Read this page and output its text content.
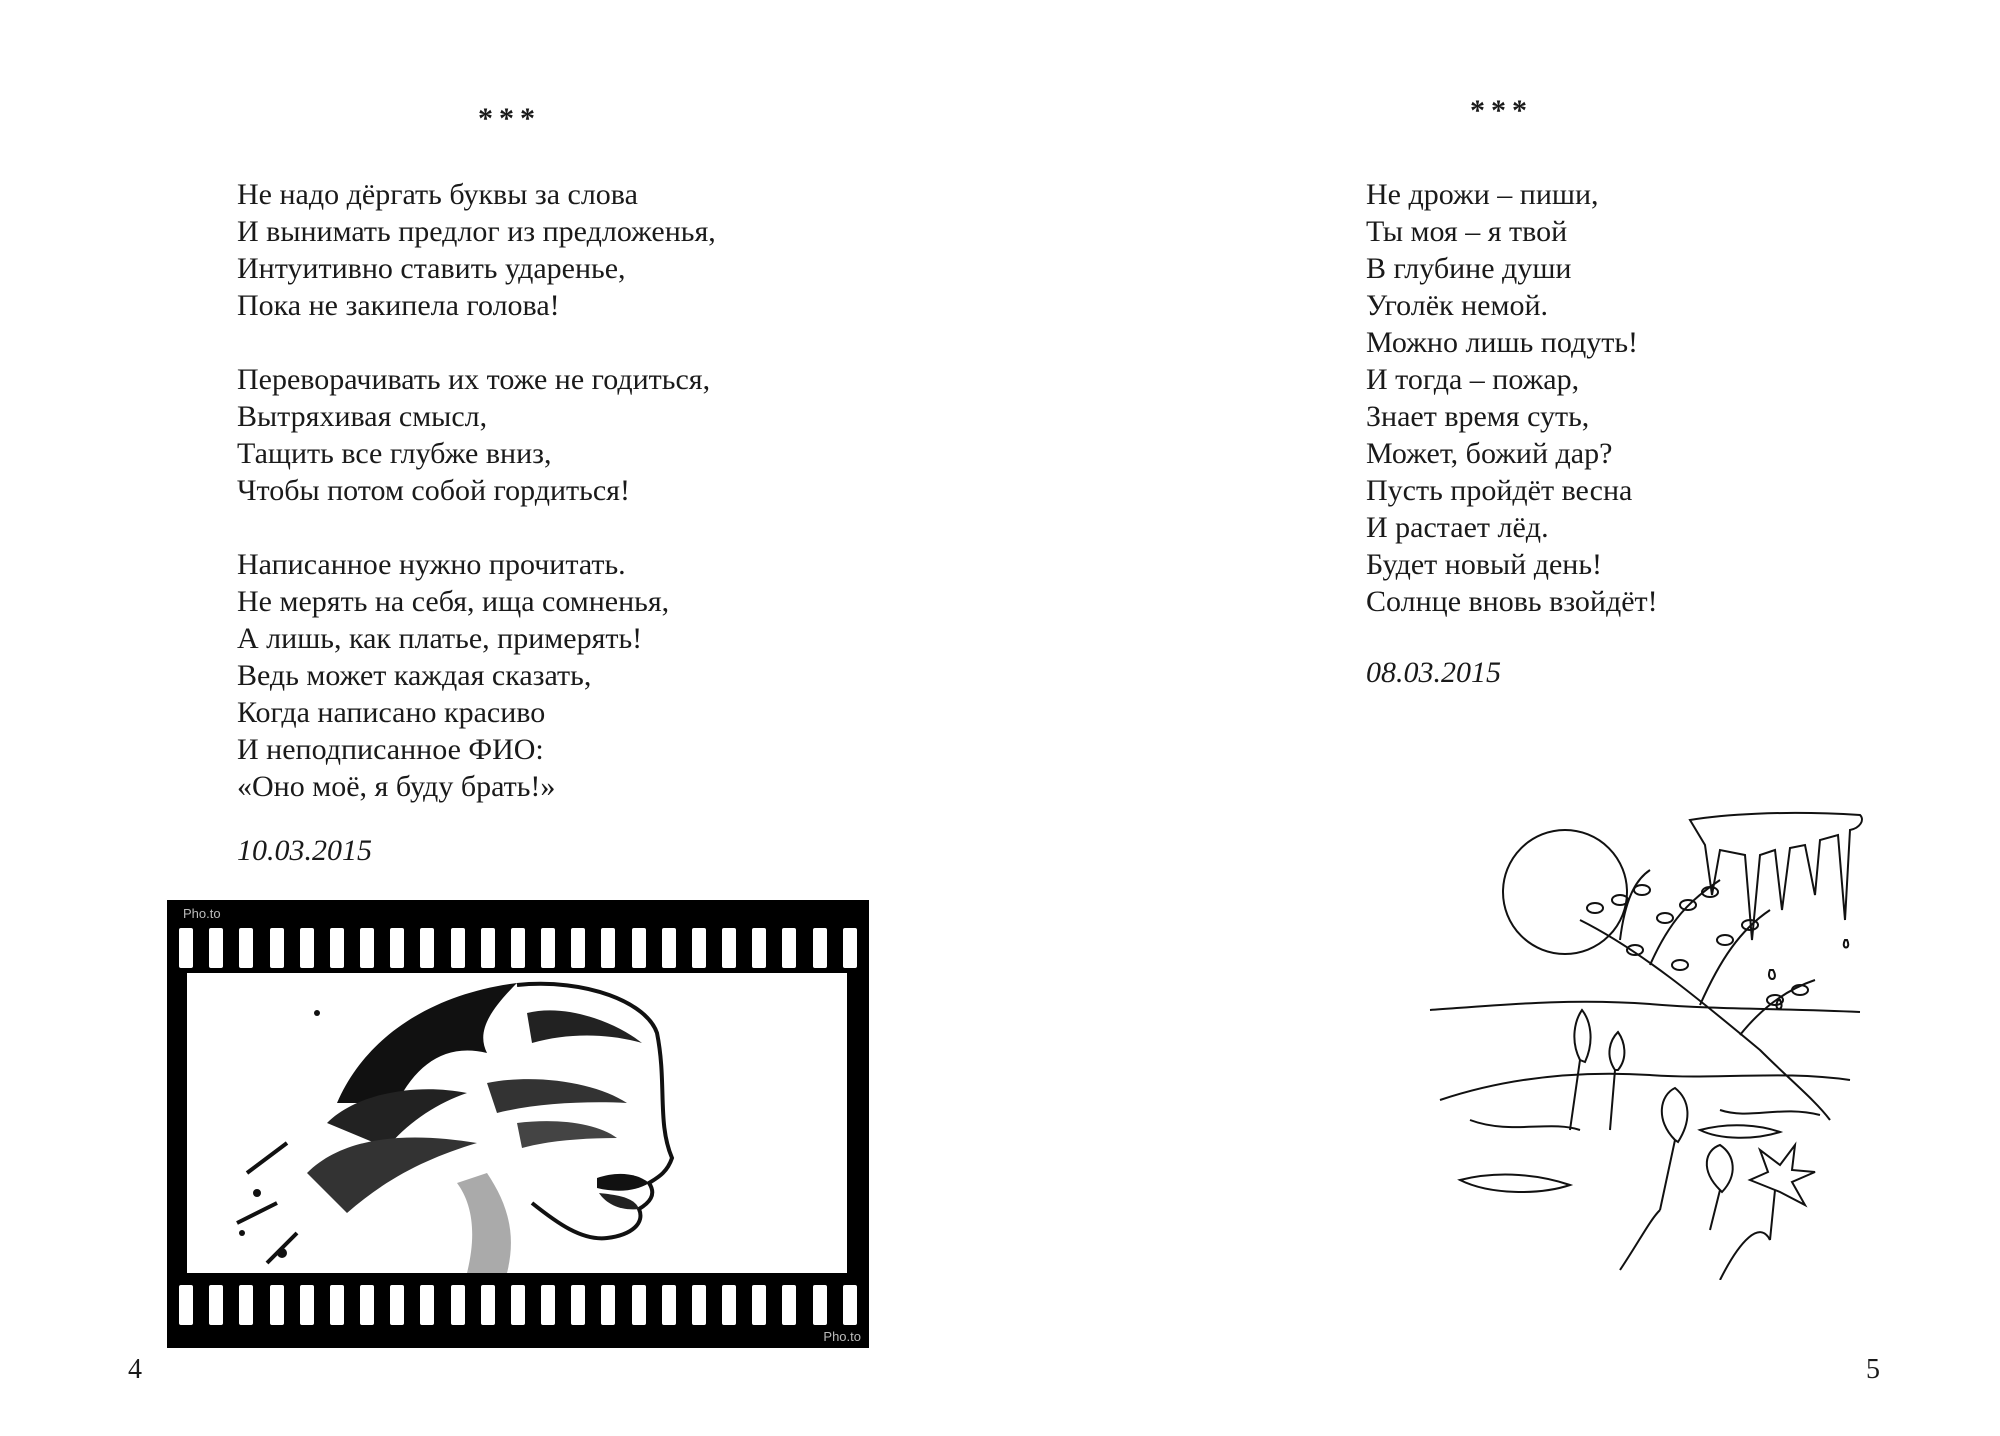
***
Не надо дёргать буквы за слова
И вынимать предлог из предложенья,
Интуитивно ставить ударенье,
Пока не закипела голова!
Переворачивать их тоже не годиться,
Вытряхивая смысл,
Тащить все глубже вниз,
Чтобы потом собой гордиться!
Написанное нужно прочитать.
Не мерять на себя, ища сомненья,
А лишь, как платье, примерять!
Ведь может каждая сказать,
Когда написано красиво
И неподписанное ФИО:
«Оно моё, я буду брать!»
10.03.2015
Pho.to
Pho.to
4
***
Не дрожи – пиши,
Ты моя – я твой
В глубине души
Уголёк немой.
Можно лишь подуть!
И тогда – пожар,
Знает время суть,
Может, божий дар?
Пусть пройдёт весна
И растает лёд.
Будет новый день!
Солнце вновь взойдёт!
08.03.2015
5
